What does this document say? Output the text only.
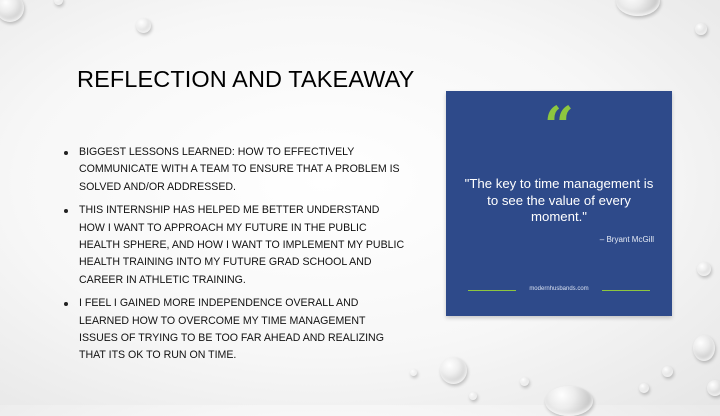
REFLECTION AND TAKEAWAY
BIGGEST LESSONS LEARNED: HOW TO EFFECTIVELY COMMUNICATE WITH A TEAM TO ENSURE THAT A PROBLEM IS SOLVED AND/OR ADDRESSED.
THIS INTERNSHIP HAS HELPED ME BETTER UNDERSTAND HOW I WANT TO APPROACH MY FUTURE IN THE PUBLIC HEALTH SPHERE, AND HOW I WANT TO IMPLEMENT MY PUBLIC HEALTH TRAINING INTO MY FUTURE GRAD SCHOOL AND CAREER IN ATHLETIC TRAINING.
I FEEL I GAINED MORE INDEPENDENCE OVERALL AND LEARNED HOW TO OVERCOME MY TIME MANAGEMENT ISSUES OF TRYING TO BE TOO FAR AHEAD AND REALIZING THAT ITS OK TO RUN ON TIME.
“
"The key to time management is to see the value of every moment."
– Bryant McGill
modernhusbands.com
